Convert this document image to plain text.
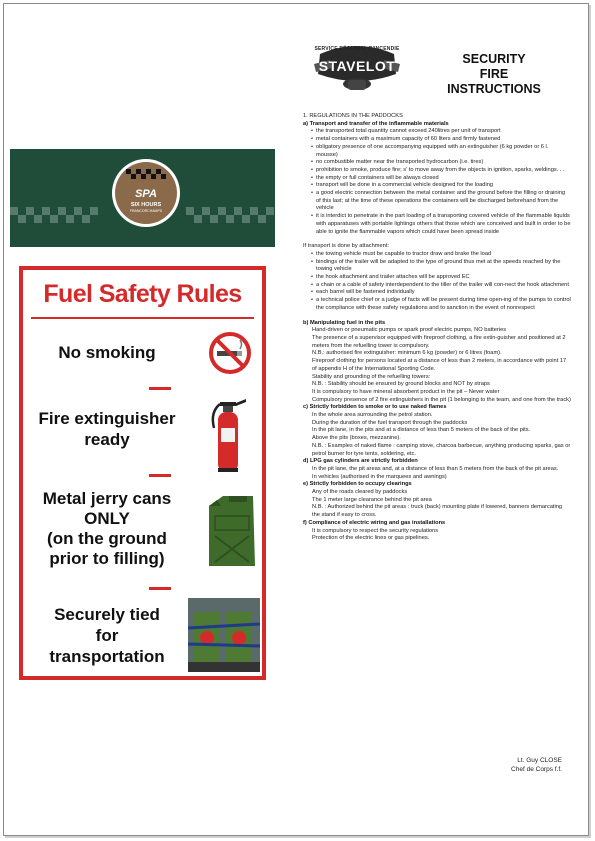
SERVICE RÉGIONAL D'INCENDIE
STAVELOT	SECURITY
FIRE
INSTRUCTIONS
SPA
SIX HOURS
FRANCORCHAMPS
Fuel Safety Rules
No smoking
Fire extinguisher
ready
Metal jerry cans
ONLY
(on the ground
prior to filling)
Securely tied
for
transportation
1. REGULATIONS IN THE PADDOCKS
a) Transport and transfer of the inflammable materials
• the transported total quantity cannot exceed 240litres per unit of transport
• metal containers with a maximum capacity of 60 liters and firmly fastened
• obligatory presence of one accompanying equipped with an extinguisher (6 kg powder or 6 l. mousse)
• no combustible matter near the transported hydrocarbon (i.e. tires)
• prohibition to smoke, produce fire; s' to move away from the objects in ignition, sparks, weldings. . .
• the empty or full containers will be always closed
• transport will be done in a commercial vehicle designed for the loading
• a good electric connection between the metal container and the ground before the filling or draining of this last; at the time of these operations the containers will be discharged beforehand from the vehicle
• it is interdict to penetrate in the part loading of a transporting covered vehicle of the flammable liquids with apparatuses with portable lightings others that those which are conceived and built in order to be able to ignite the flammable vapors which could have been spread inside
If transport is done by attachment:
• the towing vehicle must be capable to tractor draw and brake the load
• bindings of the trailer will be adapted to the type of ground thus met at the speeds reached by the towing vehicle
• the hook attachment and trailer attaches will be approved EC
• a chain or a cable of safety interdependent to the tiller of the trailer will con-nect the hook attachment
• each barrel will be fastened individually
• a technical police chief or a judge of facts will be present during time open-ing of the pumps to control the compliance with these safety regulations and to sanction in the event of nonrespect
b) Manipulating fuel in the pits
Hand-driven or pneumatic pumps or spark proof electric pumps, NO batteries
The presence of a supervisor equipped with fireproof clothing, a fire extin-guisher and positioned at 2 meters from the refuelling tower is compulsory.
N.B.: authorised fire extinguisher: minimum 6 kg (powder) or 6 litres (foam).
Fireproof clothing for persons located at a distance of less than 2 meters, in accordance with point 17 of appendix H of the International Sporting Code.
Stability and grounding of the refuelling towers:
N.B. : Stability should be ensured by ground blocks and NOT by straps
It is compulsory to have mineral absorbent product in the pit – Never water
Compulsory presence of 2 fire extinguishers in the pit (1 belonging to the team, and one from the track)
c) Strictly forbidden to smoke or to use naked flames
In the whole area surrounding the petrol station.
During the duration of the fuel transport through the paddocks
In the pit lane, in the pits and at a distance of less than 5 meters of the back of the pits.
Above the pits (boxes, mezzanine).
N.B. : Examples of naked flame : camping stove, charcoa barbecue, anything producing sparks, gas or petrol burner for tyre tents, soldering, etc.
d) LPG gas cylinders are strictly forbidden
In the pit lane, the pit areas and, at a distance of less than 5 meters from the back of the pit areas.
In vehicles (authorised in the marquees and awnings)
e) Strictly forbidden to occupy clearings
Any of the roads cleared by paddocks
The 1 meter large clearance behind the pit area
N.B. : Authorized behind the pit areas : truck (back) mounting plate if lowered, banners demarcating the stand if easy to cross.
f) Compliance of electric wiring and gas installations
It is compulsory to respect the security regulations
Protection of the electric lines or gas pipelines.
Lt. Guy CLOSE
Chef de Corps f.f.
